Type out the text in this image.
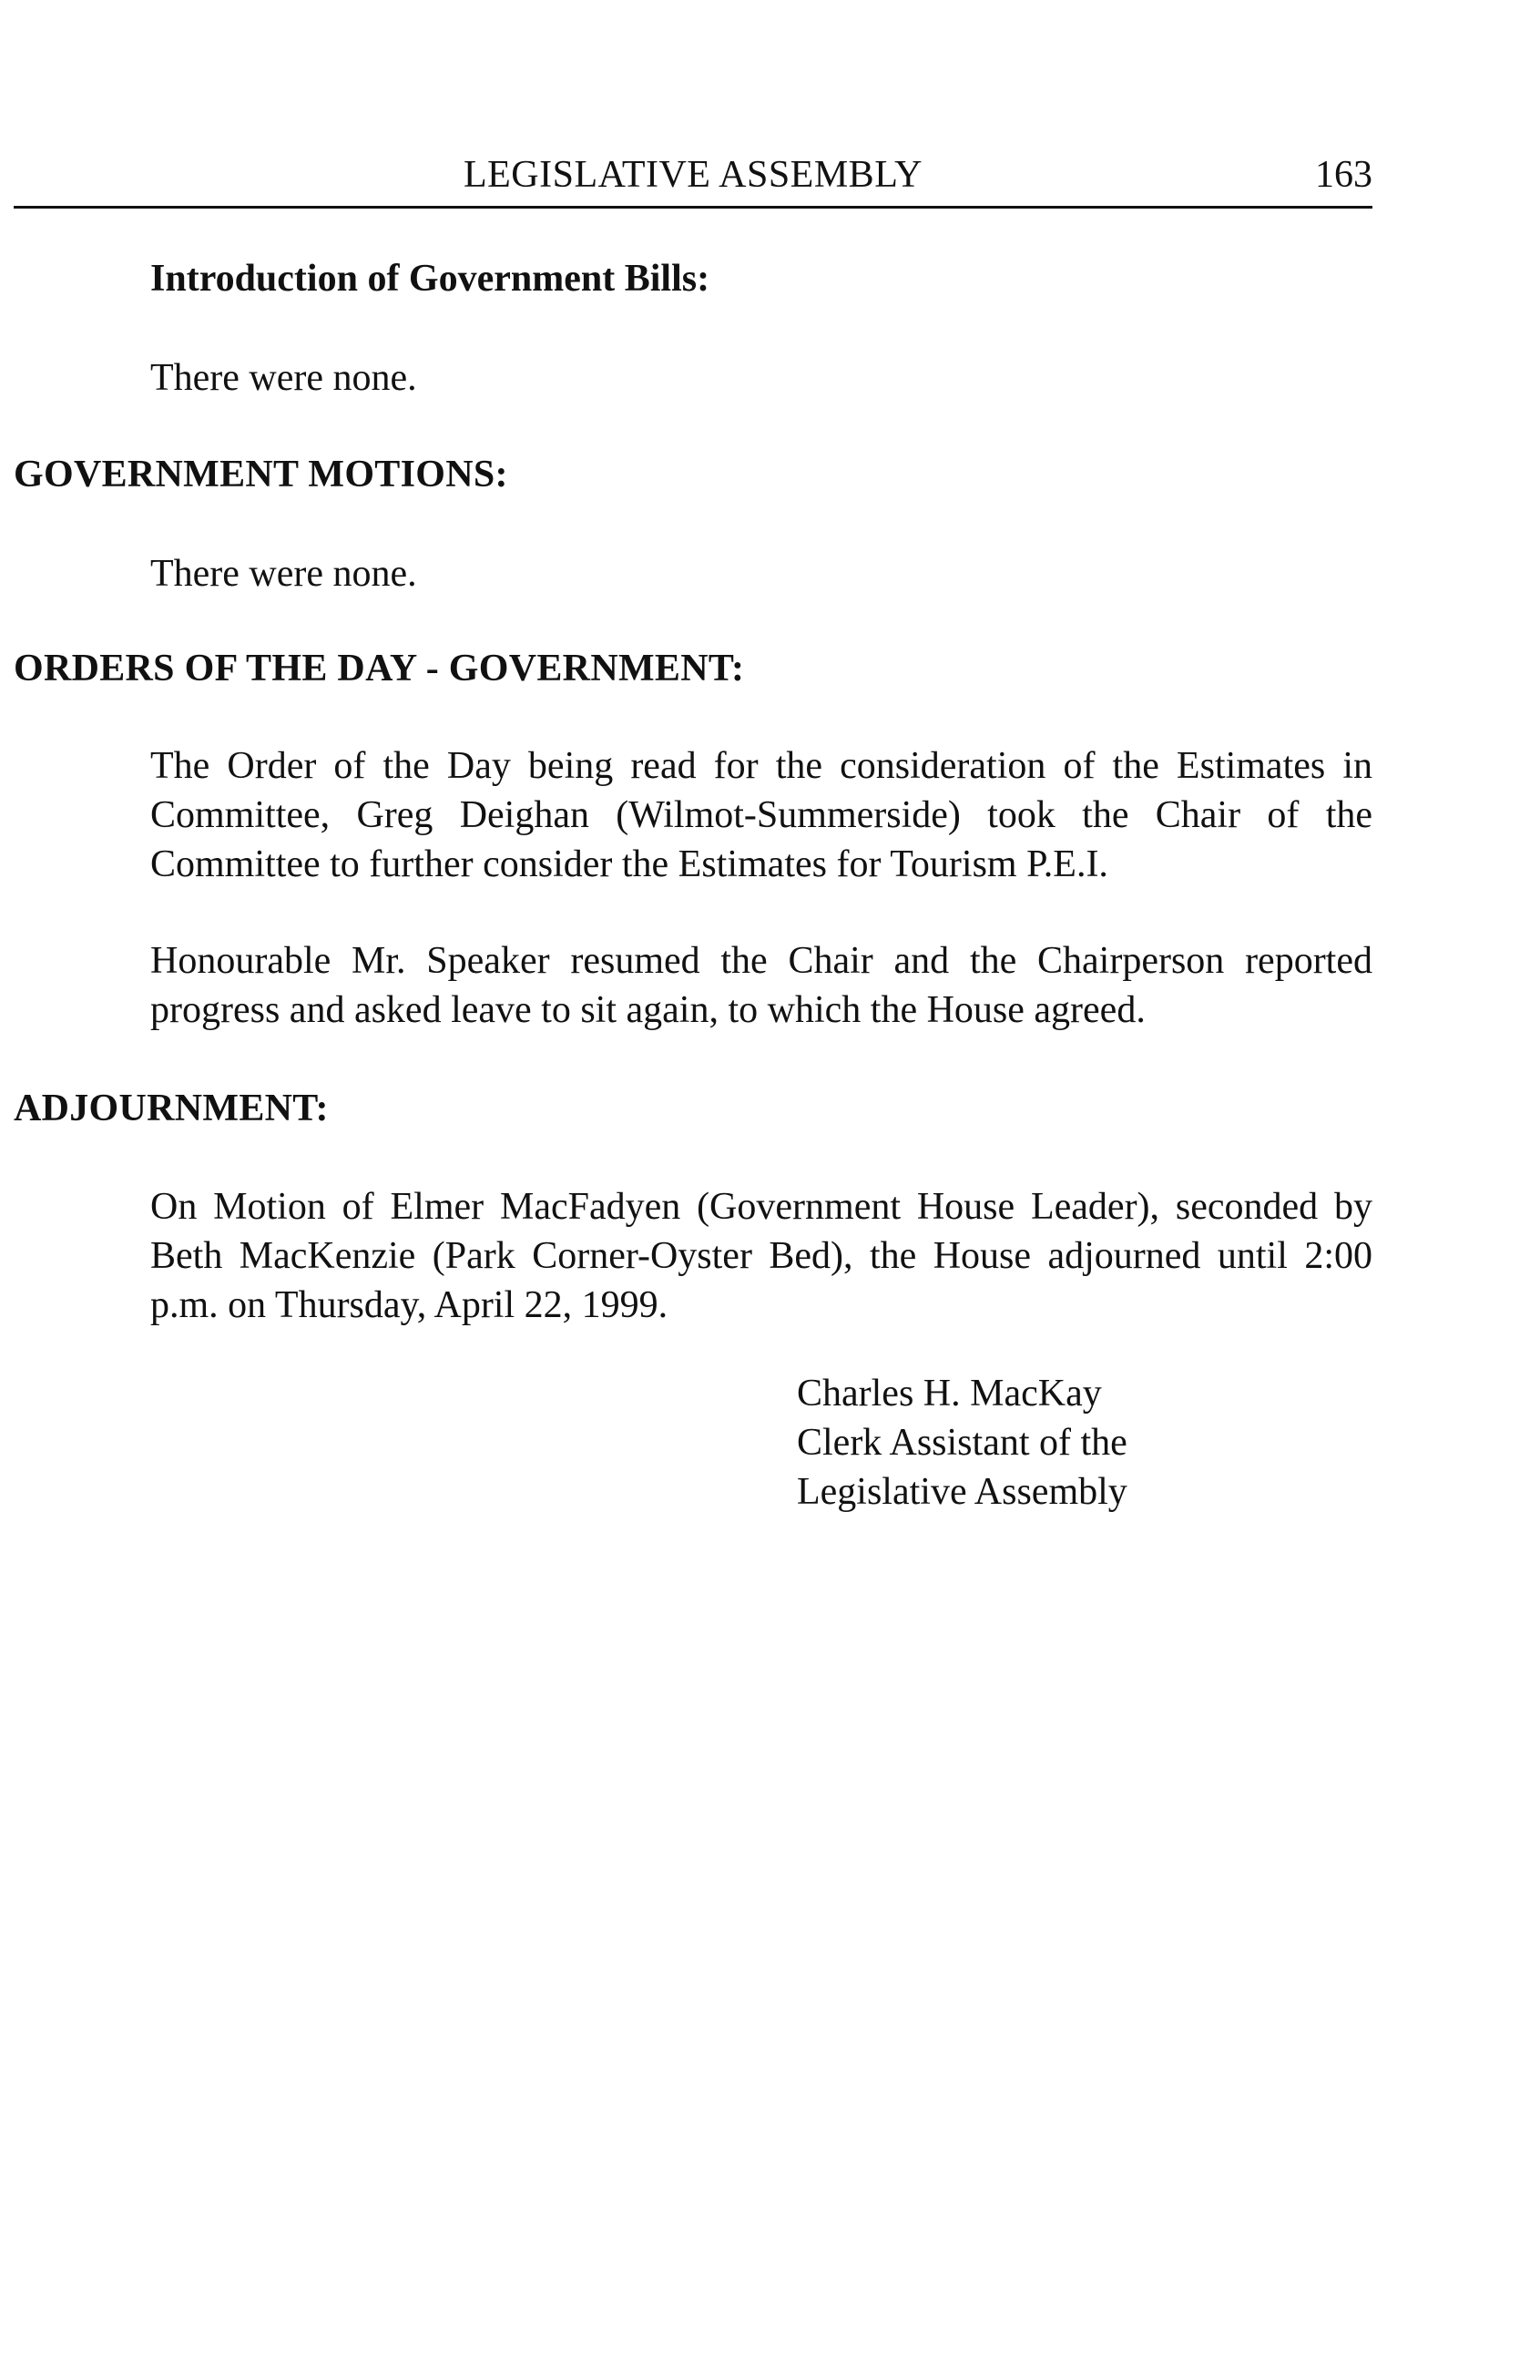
LEGISLATIVE ASSEMBLY	163
Introduction of Government Bills:
There were none.
GOVERNMENT MOTIONS:
There were none.
ORDERS OF THE DAY - GOVERNMENT:
The Order of the Day being read for the consideration of the Estimates in Committee, Greg Deighan (Wilmot-Summerside) took the Chair of the Committee to further consider the Estimates for Tourism P.E.I.
Honourable Mr. Speaker resumed the Chair and the Chairperson reported progress and asked leave to sit again, to which the House agreed.
ADJOURNMENT:
On Motion of Elmer MacFadyen (Government House Leader), seconded by Beth MacKenzie (Park Corner-Oyster Bed), the House adjourned until 2:00 p.m. on Thursday, April 22, 1999.
Charles H. MacKay
Clerk Assistant of the
Legislative Assembly
